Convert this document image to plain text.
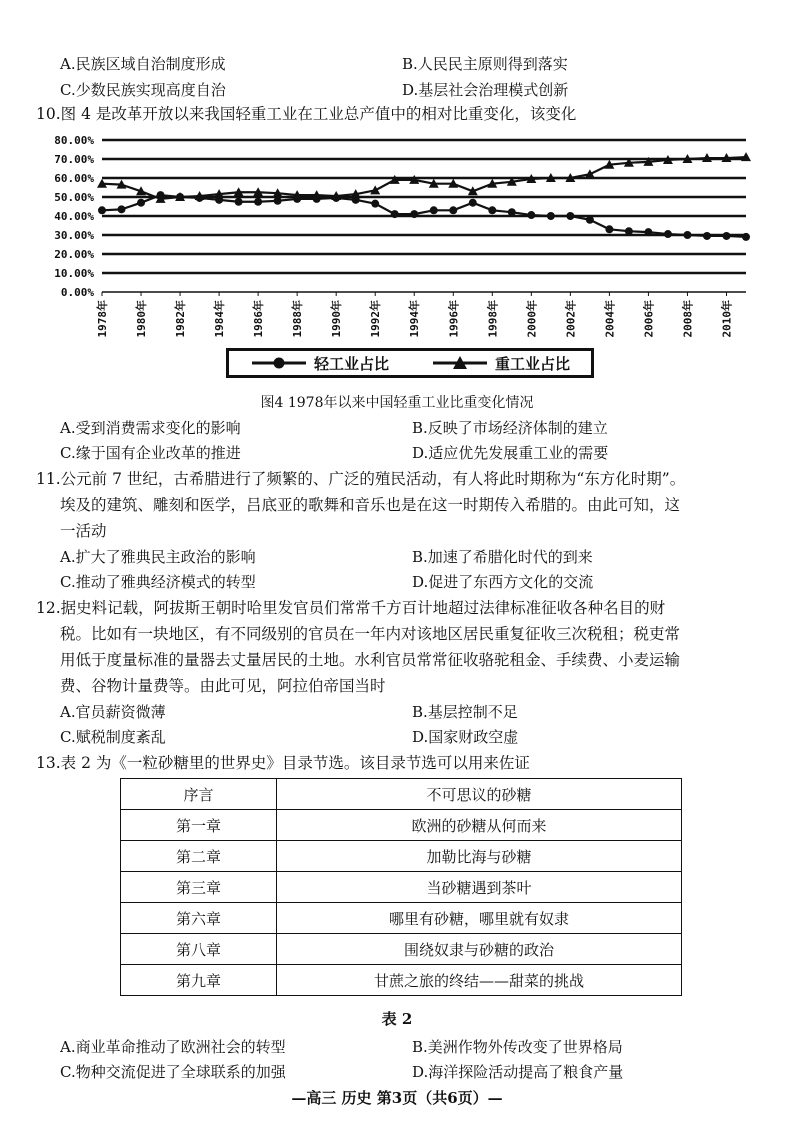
A.民族区域自治制度形成	B.人民民主原则得到落实
C.少数民族实现高度自治	D.基层社会治理模式创新
10.图 4 是改革开放以来我国轻重工业在工业总产值中的相对比重变化，该变化
0.00%
10.00%
20.00%
30.00%
40.00%
50.00%
60.00%
70.00%
80.00%
1978年 1980年 1982年 1984年 1986年 1988年 1990年 1992年 1994年 1996年 1998年 2000年 2002年 2004年 2006年 2008年 2010年
轻工业占比	重工业占比
图4 1978年以来中国轻重工业比重变化情况
A.受到消费需求变化的影响	B.反映了市场经济体制的建立
C.缘于国有企业改革的推进	D.适应优先发展重工业的需要
11.公元前 7 世纪，古希腊进行了频繁的、广泛的殖民活动，有人将此时期称为“东方化时期”。
埃及的建筑、雕刻和医学，吕底亚的歌舞和音乐也是在这一时期传入希腊的。由此可知，这
一活动
A.扩大了雅典民主政治的影响	B.加速了希腊化时代的到来
C.推动了雅典经济模式的转型	D.促进了东西方文化的交流
12.据史料记载，阿拔斯王朝时哈里发官员们常常千方百计地超过法律标准征收各种名目的财
税。比如有一块地区，有不同级别的官员在一年内对该地区居民重复征收三次税租；税吏常
用低于度量标准的量器去丈量居民的土地。水利官员常常征收骆驼租金、手续费、小麦运输
费、谷物计量费等。由此可见，阿拉伯帝国当时
A.官员薪资微薄	B.基层控制不足
C.赋税制度紊乱	D.国家财政空虚
13.表 2 为《一粒砂糖里的世界史》目录节选。该目录节选可以用来佐证
序言	不可思议的砂糖
第一章	欧洲的砂糖从何而来
第二章	加勒比海与砂糖
第三章	当砂糖遇到茶叶
第六章	哪里有砂糖，哪里就有奴隶
第八章	围绕奴隶与砂糖的政治
第九章	甘蔗之旅的终结——甜菜的挑战
表 2
A.商业革命推动了欧洲社会的转型	B.美洲作物外传改变了世界格局
C.物种交流促进了全球联系的加强	D.海洋探险活动提高了粮食产量
—高三 历史 第3页（共6页）—
